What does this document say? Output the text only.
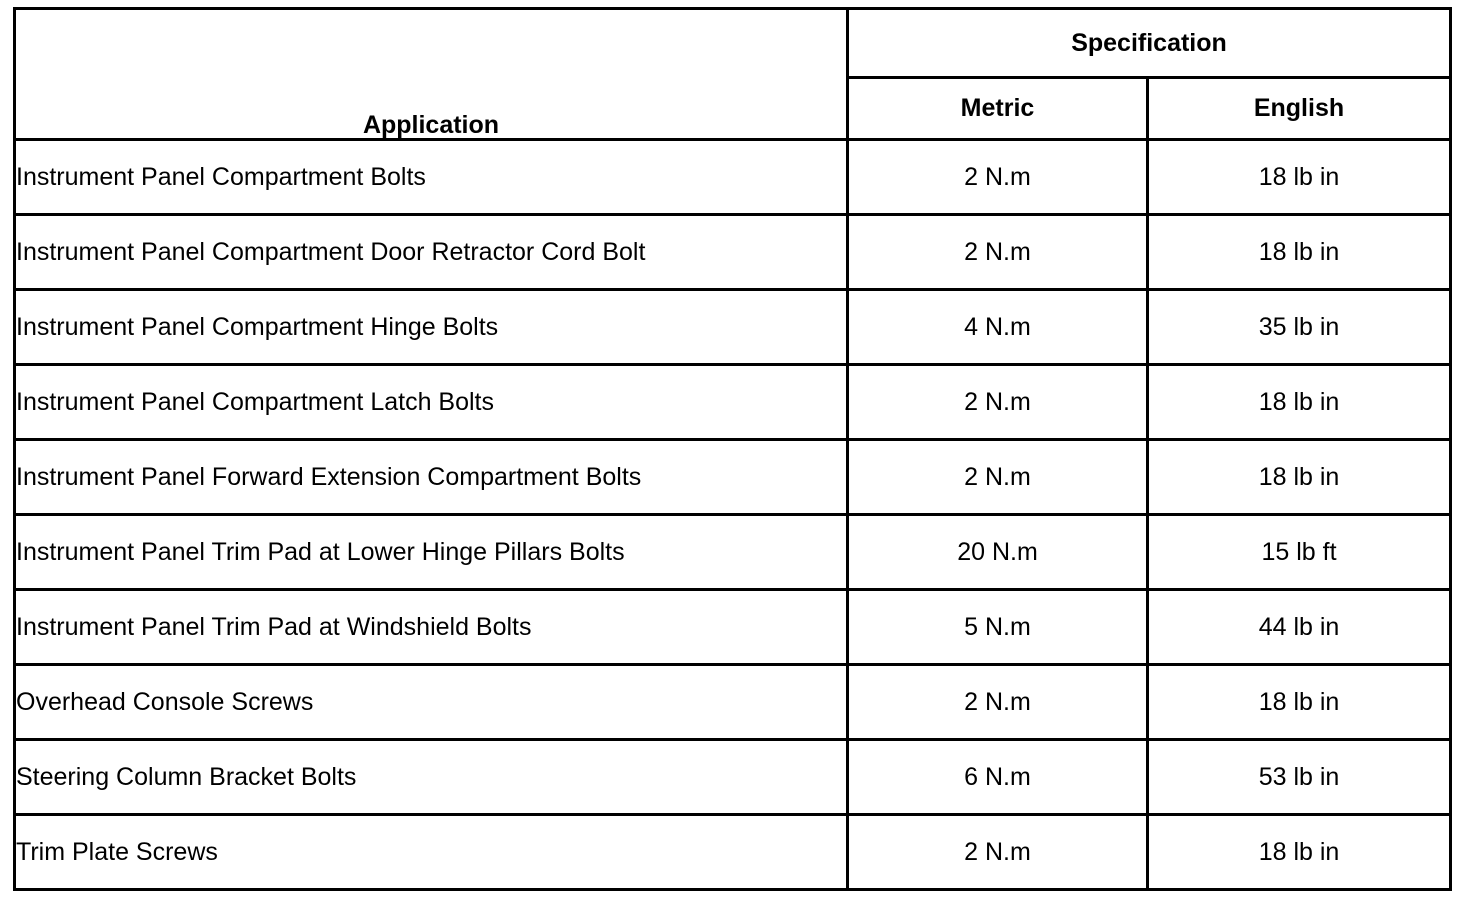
Application	Specification	
	Metric	English
Instrument Panel Compartment Bolts	2 N.m	18 lb in
Instrument Panel Compartment Door Retractor Cord Bolt	2 N.m	18 lb in
Instrument Panel Compartment Hinge Bolts	4 N.m	35 lb in
Instrument Panel Compartment Latch Bolts	2 N.m	18 lb in
Instrument Panel Forward Extension Compartment Bolts	2 N.m	18 lb in
Instrument Panel Trim Pad at Lower Hinge Pillars Bolts	20 N.m	15 lb ft
Instrument Panel Trim Pad at Windshield Bolts	5 N.m	44 lb in
Overhead Console Screws	2 N.m	18 lb in
Steering Column Bracket Bolts	6 N.m	53 lb in
Trim Plate Screws	2 N.m	18 lb in
